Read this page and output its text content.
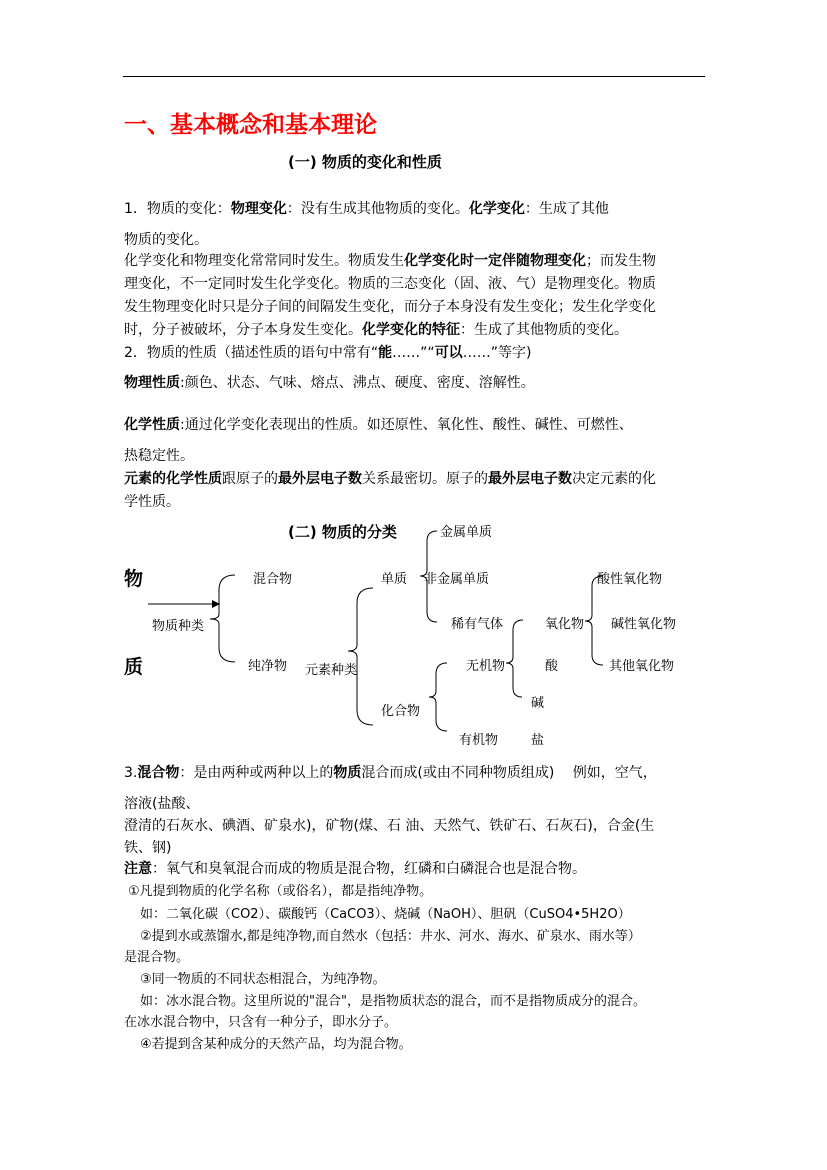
一、基本概念和基本理论
(一) 物质的变化和性质
1．物质的变化：物理变化：没有生成其他物质的变化。化学变化：生成了其他
物质的变化。
化学变化和物理变化常常同时发生。物质发生化学变化时一定伴随物理变化；而发生物
理变化，不一定同时发生化学变化。物质的三态变化（固、液、气）是物理变化。物质
发生物理变化时只是分子间的间隔发生变化，而分子本身没有发生变化；发生化学变化
时，分子被破坏，分子本身发生变化。化学变化的特征：生成了其他物质的变化。
2．物质的性质（描述性质的语句中常有“能……”“可以……”等字)
物理性质:颜色、状态、气味、熔点、沸点、硬度、密度、溶解性。
化学性质:通过化学变化表现出的性质。如还原性、氧化性、酸性、碱性、可燃性、
热稳定性。
元素的化学性质跟原子的最外层电子数关系最密切。原子的最外层电子数决定元素的化
学性质。
(二) 物质的分类
物
质
物质种类
混合物
纯净物 元素种类
单质
化合物
金属单质
非金属单质
稀有气体
无机物
有机物
氧化物
酸
碱
盐
酸性氧化物
碱性氧化物
其他氧化物
3.混合物：是由两种或两种以上的物质混合而成(或由不同种物质组成)　 例如，空气，
溶液(盐酸、
澄清的石灰水、碘酒、矿泉水)，矿物(煤、石 油、天然气、铁矿石、石灰石)，合金(生
铁、钢)
注意：氧气和臭氧混合而成的物质是混合物，红磷和白磷混合也是混合物。
①凡提到物质的化学名称（或俗名），都是指纯净物。
如：二氧化碳（CO2）、碳酸钙（CaCO3）、烧碱（NaOH）、胆矾（CuSO4•5H2O）
②提到水或蒸馏水,都是纯净物,而自然水（包括：井水、河水、海水、矿泉水、雨水等）
是混合物。
③同一物质的不同状态相混合，为纯净物。
如：冰水混合物。这里所说的"混合"，是指物质状态的混合，而不是指物质成分的混合。
在冰水混合物中，只含有一种分子，即水分子。
④若提到含某种成分的天然产品，均为混合物。
